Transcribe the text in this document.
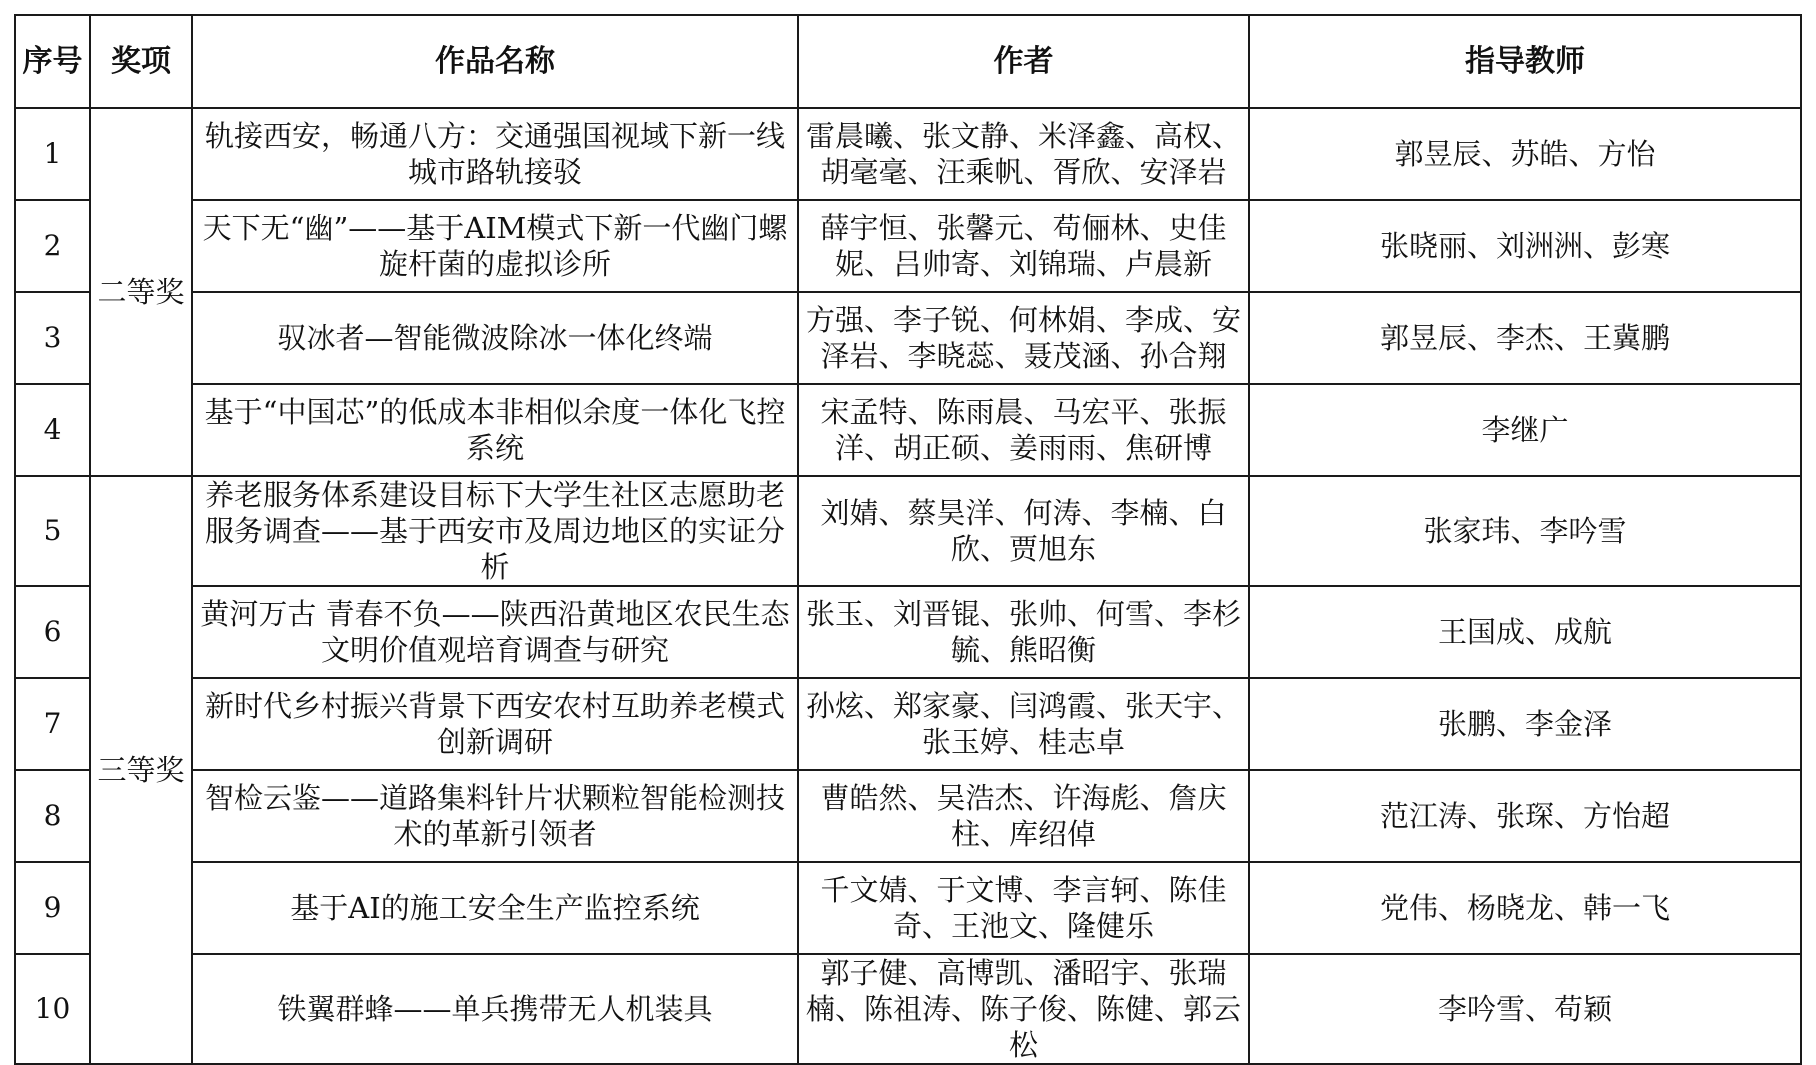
序号	奖项	作品名称	作者	指导教师
1	二等奖	轨接西安，畅通八方：交通强国视域下新一线城市路轨接驳	雷晨曦、张文静、米泽鑫、高权、胡毫毫、汪乘帆、胥欣、安泽岩	郭昱辰、苏皓、方怡
2		天下无“幽”——基于AIM模式下新一代幽门螺旋杆菌的虚拟诊所	薛宇恒、张馨元、苟俪林、史佳妮、吕帅寄、刘锦瑞、卢晨新	张晓丽、刘洲洲、彭寒
3		驭冰者—智能微波除冰一体化终端	方强、李子锐、何林娟、李成、安泽岩、李晓蕊、聂茂涵、孙合翔	郭昱辰、李杰、王冀鹏
4		基于“中国芯”的低成本非相似余度一体化飞控系统	宋孟特、陈雨晨、马宏平、张振洋、胡正硕、姜雨雨、焦研博	李继广
5	三等奖	养老服务体系建设目标下大学生社区志愿助老服务调查——基于西安市及周边地区的实证分析	刘婧、蔡昊洋、何涛、李楠、白欣、贾旭东	张家玮、李吟雪
6		黄河万古 青春不负——陕西沿黄地区农民生态文明价值观培育调查与研究	张玉、刘晋锟、张帅、何雪、李杉毓、熊昭衡	王国成、成航
7		新时代乡村振兴背景下西安农村互助养老模式创新调研	孙炫、郑家豪、闫鸿霞、张天宇、张玉婷、桂志卓	张鹏、李金泽
8		智检云鉴——道路集料针片状颗粒智能检测技术的革新引领者	曹皓然、吴浩杰、许海彪、詹庆柱、库绍倬	范江涛、张琛、方怡超
9		基于AI的施工安全生产监控系统	千文婧、于文博、李言轲、陈佳奇、王池文、隆健乐	党伟、杨晓龙、韩一飞
10		铁翼群蜂——单兵携带无人机装具	郭子健、高博凯、潘昭宇、张瑞楠、陈祖涛、陈子俊、陈健、郭云松	李吟雪、苟颖
